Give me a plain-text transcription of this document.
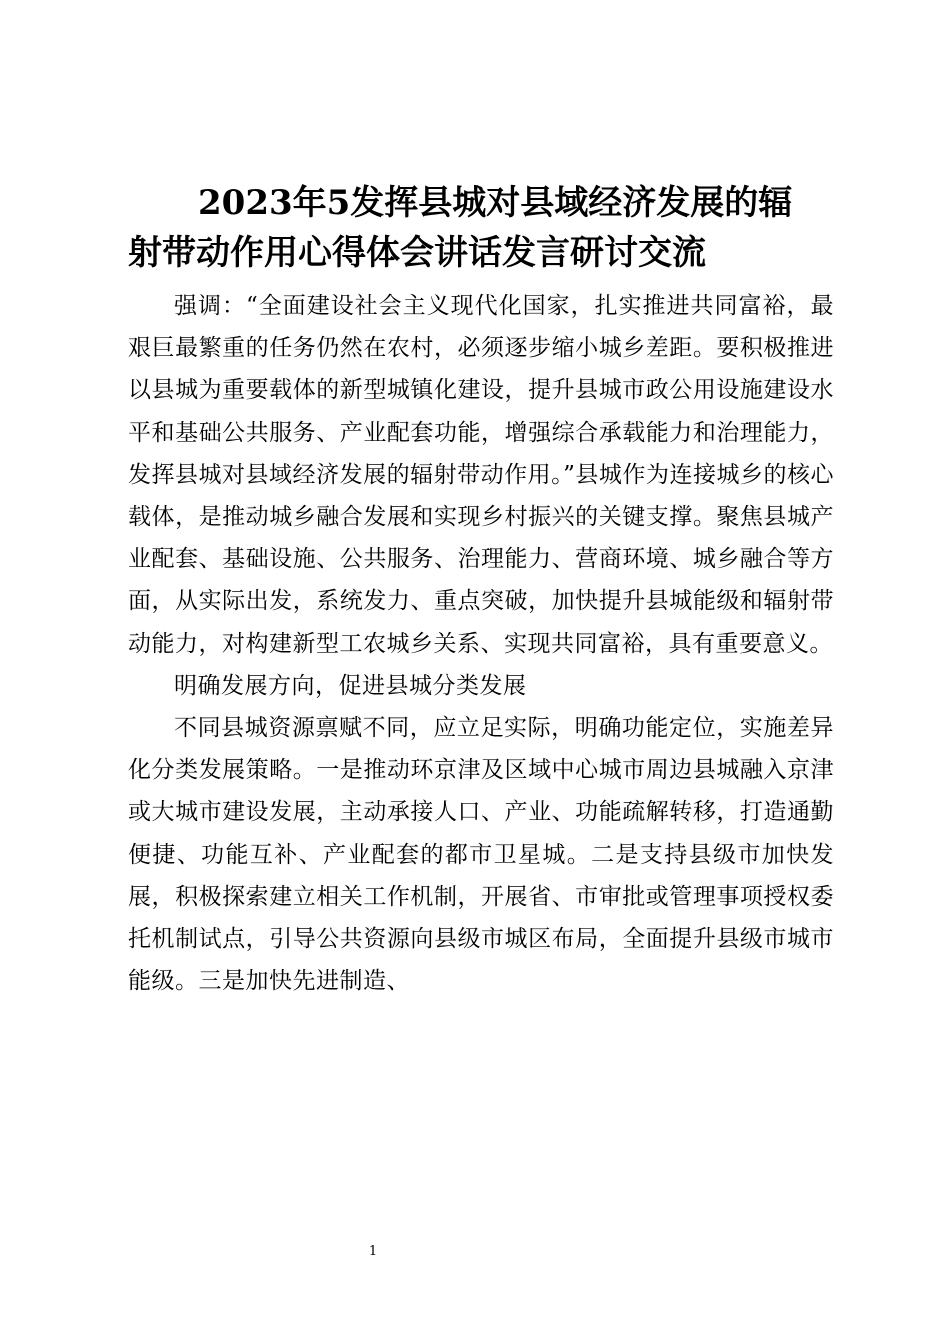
2023年5发挥县城对县域经济发展的辐
射带动作用心得体会讲话发言研讨交流

强调：“全面建设社会主义现代化国家，扎实推进共同富裕，最艰巨最繁重的任务仍然在农村，必须逐步缩小城乡差距。要积极推进以县城为重要载体的新型城镇化建设，提升县城市政公用设施建设水平和基础公共服务、产业配套功能，增强综合承载能力和治理能力，发挥县城对县域经济发展的辐射带动作用。”县城作为连接城乡的核心载体，是推动城乡融合发展和实现乡村振兴的关键支撑。聚焦县城产业配套、基础设施、公共服务、治理能力、营商环境、城乡融合等方面，从实际出发，系统发力、重点突破，加快提升县城能级和辐射带动能力，对构建新型工农城乡关系、实现共同富裕，具有重要意义。

明确发展方向，促进县城分类发展

不同县城资源禀赋不同，应立足实际，明确功能定位，实施差异化分类发展策略。一是推动环京津及区域中心城市周边县城融入京津或大城市建设发展，主动承接人口、产业、功能疏解转移，打造通勤便捷、功能互补、产业配套的都市卫星城。二是支持县级市加快发展，积极探索建立相关工作机制，开展省、市审批或管理事项授权委托机制试点，引导公共资源向县级市城区布局，全面提升县级市城市能级。三是加快先进制造、

1
